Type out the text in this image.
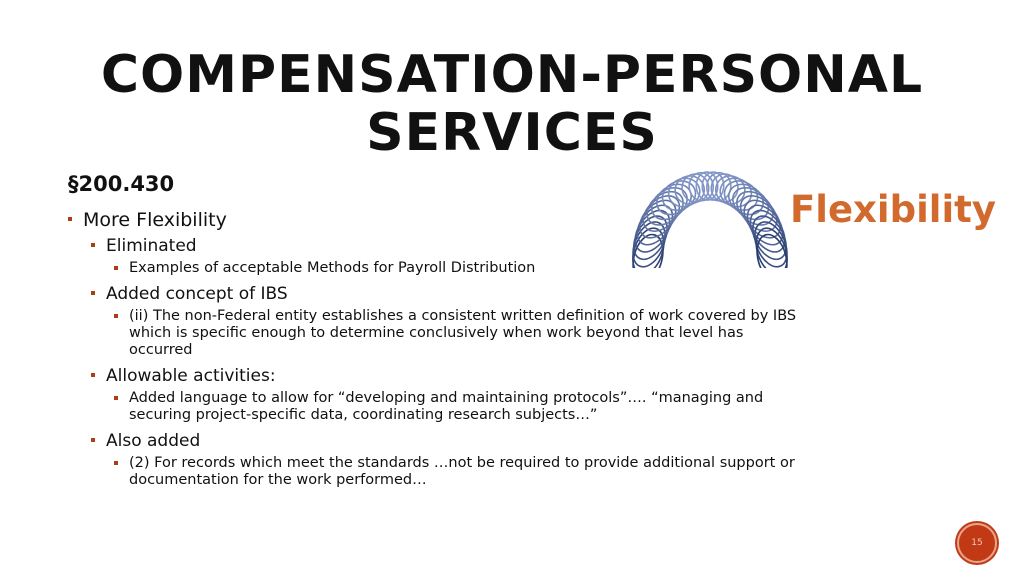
COMPENSATION-PERSONAL
SERVICES
§200.430
Flexibility
More Flexibility
Eliminated
Examples of acceptable Methods for Payroll Distribution
Added concept of IBS
(ii) The non-Federal entity establishes a consistent written definition of work covered by IBS which is specific enough to determine conclusively when work beyond that level has occurred
Allowable activities:
Added language to allow for “developing and maintaining protocols”…. “managing and securing project-specific data, coordinating research subjects…”
Also added
(2) For records which meet the standards …not be required to provide additional support or documentation for the work performed…
15
